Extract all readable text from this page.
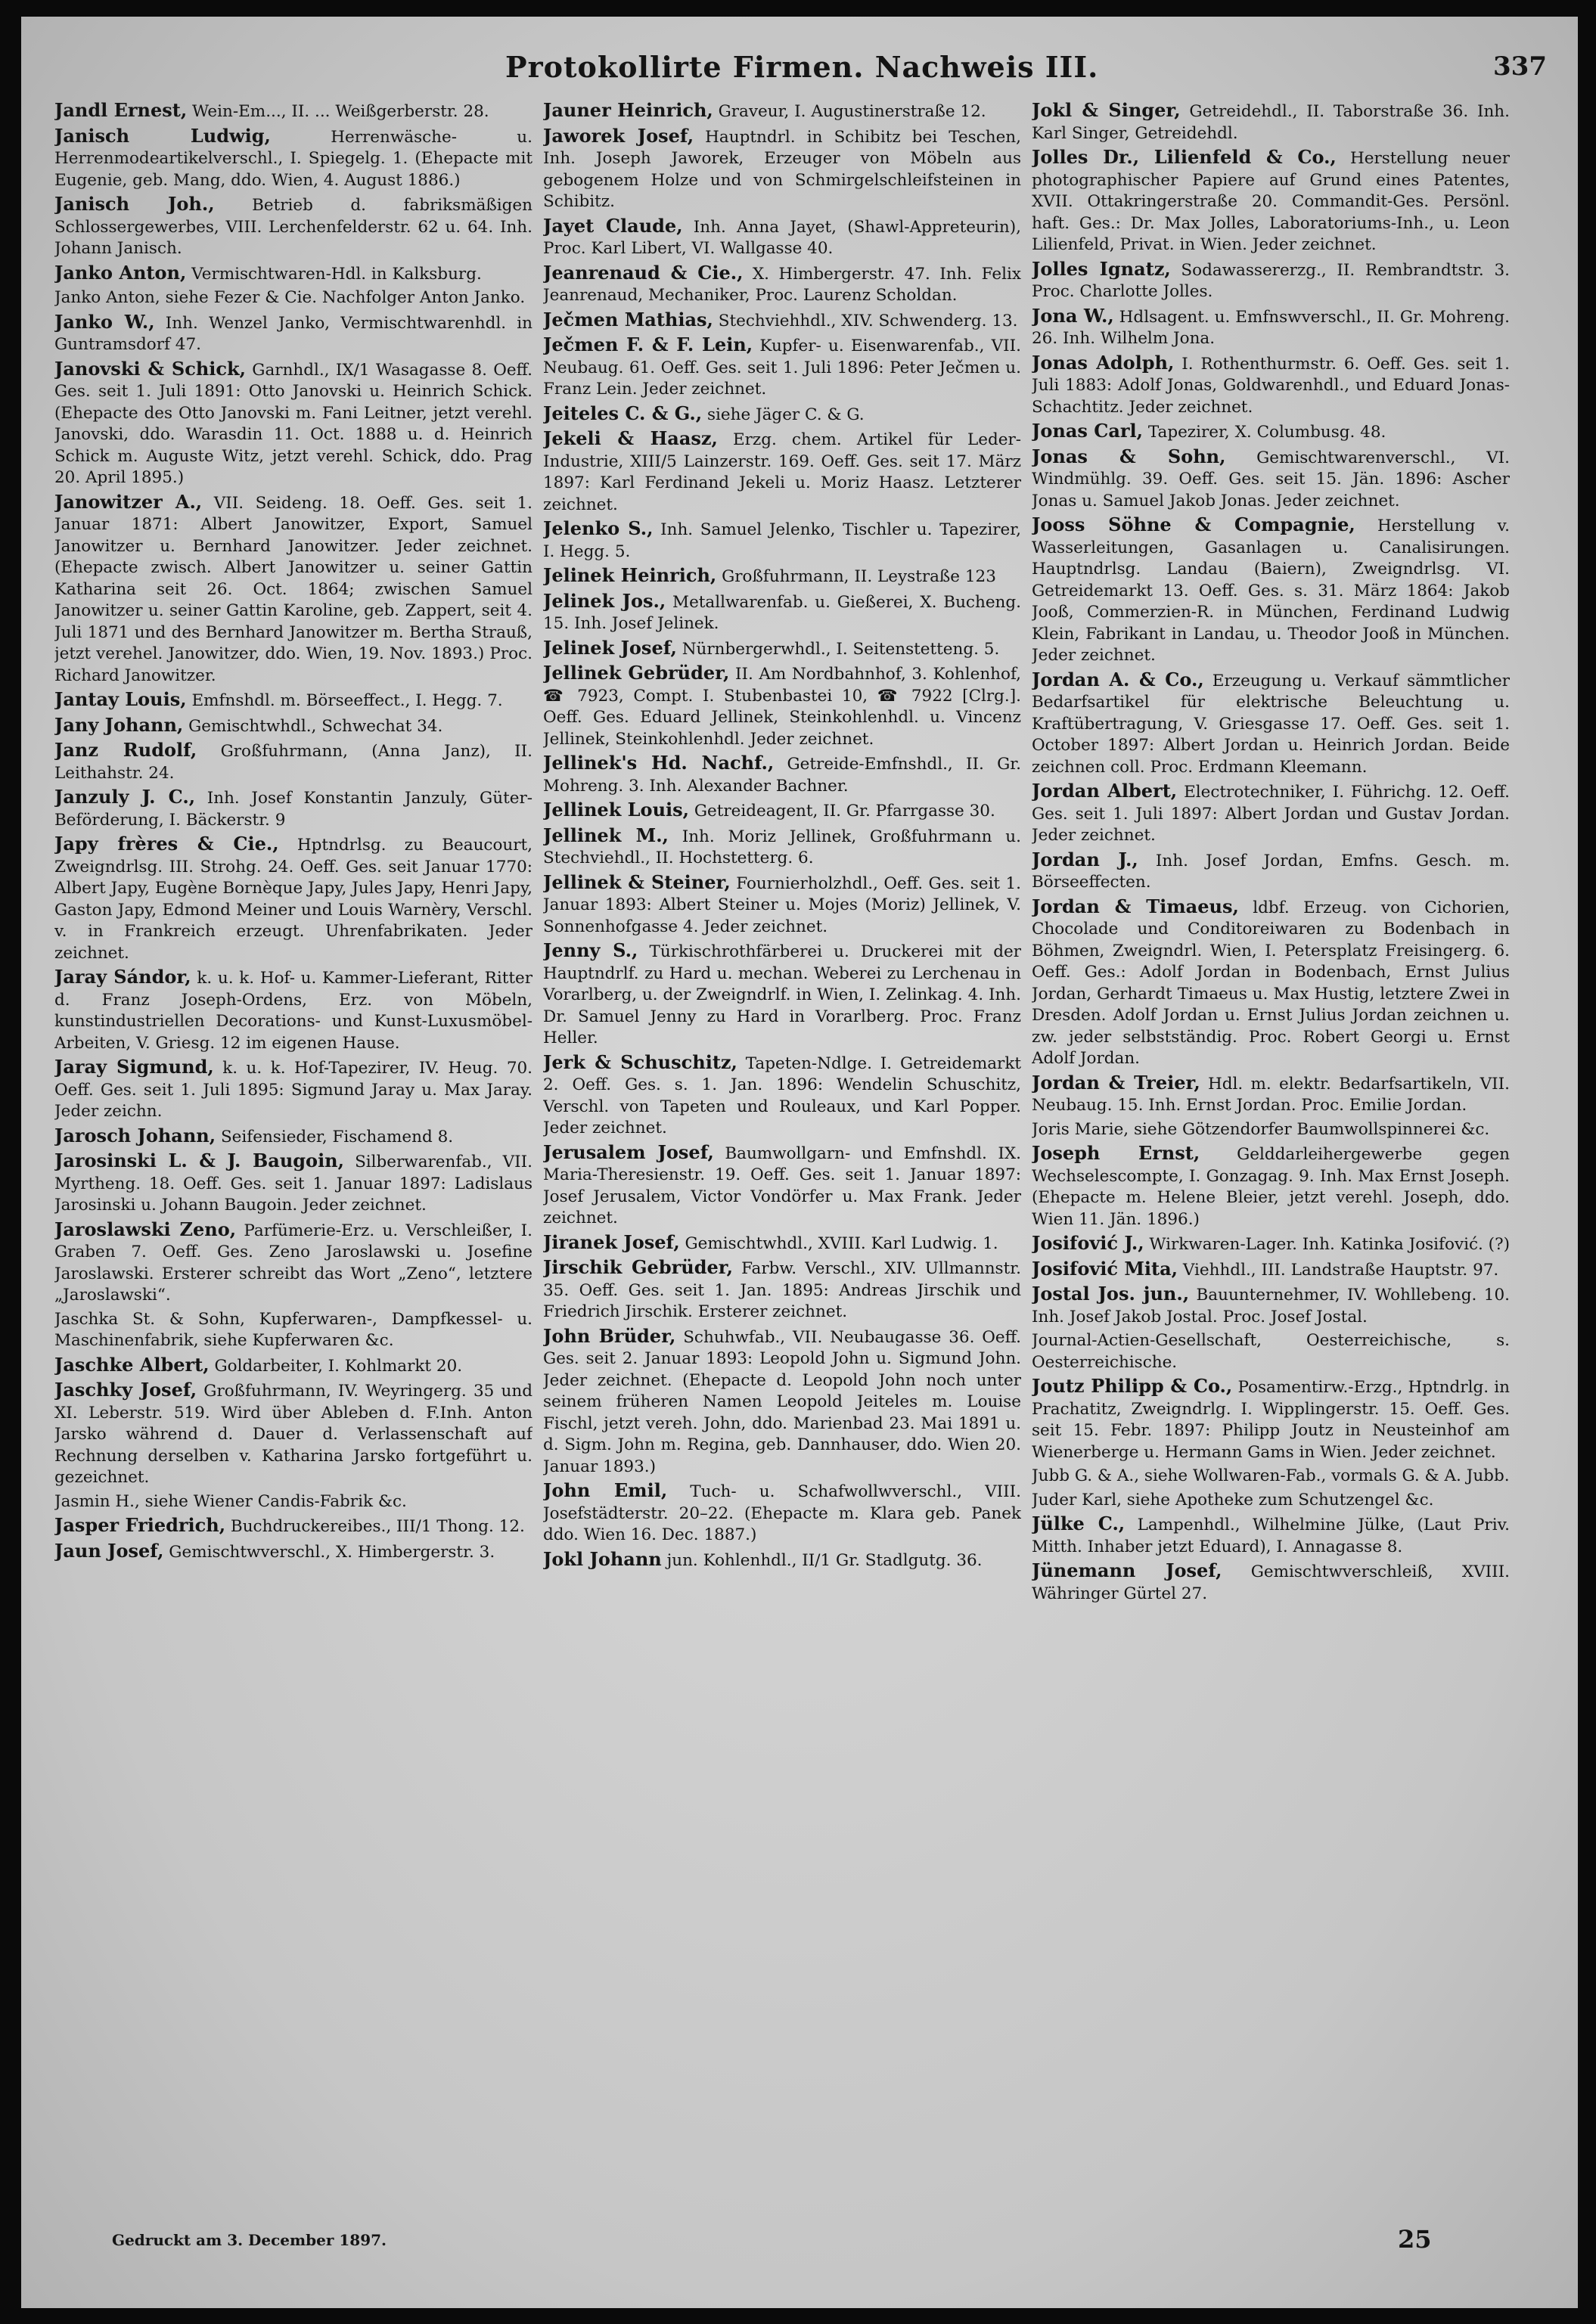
Protokollirte Firmen. Nachweis III.	337

Jandl Ernest, Wein-Em..., II. ... Weißgerberstr. 28.

Janisch Ludwig, Herrenwäsche- u. Herrenmodeartikelverschl., I. Spiegelg. 1. (Ehepacte mit Eugenie, geb. Mang, ddo. Wien, 4. August 1886.)

Janisch Joh., Betrieb d. fabriksmäßigen Schlossergewerbes, VIII. Lerchenfelderstr. 62 u. 64. Inh. Johann Janisch.

Janko Anton, Vermischtwaren-Hdl. in Kalksburg.

Janko Anton, siehe Fezer & Cie. Nachfolger Anton Janko.

Janko W., Inh. Wenzel Janko, Vermischtwarenhdl. in Guntramsdorf 47.

Janovski & Schick, Garnhdl., IX/1 Wasagasse 8. Oeff. Ges. seit 1. Juli 1891: Otto Janovski u. Heinrich Schick. (Ehepacte des Otto Janovski m. Fani Leitner, jetzt verehl. Janovski, ddo. Warasdin 11. Oct. 1888 u. d. Heinrich Schick m. Auguste Witz, jetzt verehl. Schick, ddo. Prag 20. April 1895.)

Janowitzer A., VII. Seideng. 18. Oeff. Ges. seit 1. Januar 1871: Albert Janowitzer, Export, Samuel Janowitzer u. Bernhard Janowitzer. Jeder zeichnet. (Ehepacte zwisch. Albert Janowitzer u. seiner Gattin Katharina seit 26. Oct. 1864; zwischen Samuel Janowitzer u. seiner Gattin Karoline, geb. Zappert, seit 4. Juli 1871 und des Bernhard Janowitzer m. Bertha Strauß, jetzt verehel. Janowitzer, ddo. Wien, 19. Nov. 1893.) Proc. Richard Janowitzer.

Jantay Louis, Emfnshdl. m. Börseeffect., I. Hegg. 7.

Jany Johann, Gemischtwhdl., Schwechat 34.

Janz Rudolf, Großfuhrmann, (Anna Janz), II. Leithahstr. 24.

Janzuly J. C., Inh. Josef Konstantin Janzuly, Güter-Beförderung, I. Bäckerstr. 9

Japy frères & Cie., Hptndrlsg. zu Beaucourt, Zweigndrlsg. III. Strohg. 24. Oeff. Ges. seit Januar 1770: Albert Japy, Eugène Bornèque Japy, Jules Japy, Henri Japy, Gaston Japy, Edmond Meiner und Louis Warnèry, Verschl. v. in Frankreich erzeugt. Uhrenfabrikaten. Jeder zeichnet.

Jaray Sándor, k. u. k. Hof- u. Kammer-Lieferant, Ritter d. Franz Joseph-Ordens, Erz. von Möbeln, kunstindustriellen Decorations- und Kunst-Luxusmöbel-Arbeiten, V. Griesg. 12 im eigenen Hause.

Jaray Sigmund, k. u. k. Hof-Tapezirer, IV. Heug. 70. Oeff. Ges. seit 1. Juli 1895: Sigmund Jaray u. Max Jaray. Jeder zeichn.

Jarosch Johann, Seifensieder, Fischamend 8.

Jarosinski L. & J. Baugoin, Silberwarenfab., VII. Myrtheng. 18. Oeff. Ges. seit 1. Januar 1897: Ladislaus Jarosinski u. Johann Baugoin. Jeder zeichnet.

Jaroslawski Zeno, Parfümerie-Erz. u. Verschleißer, I. Graben 7. Oeff. Ges. Zeno Jaroslawski u. Josefine Jaroslawski. Ersterer schreibt das Wort „Zeno“, letztere „Jaroslawski“.

Jaschka St. & Sohn, Kupferwaren-, Dampfkessel- u. Maschinenfabrik, siehe Kupferwaren &c.

Jaschke Albert, Goldarbeiter, I. Kohlmarkt 20.

Jaschky Josef, Großfuhrmann, IV. Weyringerg. 35 und XI. Leberstr. 519. Wird über Ableben d. F.Inh. Anton Jarsko während d. Dauer d. Verlassenschaft auf Rechnung derselben v. Katharina Jarsko fortgeführt u. gezeichnet.

Jasmin H., siehe Wiener Candis-Fabrik &c.

Jasper Friedrich, Buchdruckereibes., III/1 Thong. 12.

Jaun Josef, Gemischtwverschl., X. Himbergerstr. 3.

Jauner Heinrich, Graveur, I. Augustinerstraße 12.

Jaworek Josef, Hauptndrl. in Schibitz bei Teschen, Inh. Joseph Jaworek, Erzeuger von Möbeln aus gebogenem Holze und von Schmirgelschleifsteinen in Schibitz.

Jayet Claude, Inh. Anna Jayet, (Shawl-Appreteurin), Proc. Karl Libert, VI. Wallgasse 40.

Jeanrenaud & Cie., X. Himbergerstr. 47. Inh. Felix Jeanrenaud, Mechaniker, Proc. Laurenz Scholdan.

Ječmen Mathias, Stechviehhdl., XIV. Schwenderg. 13.

Ječmen F. & F. Lein, Kupfer- u. Eisenwarenfab., VII. Neubaug. 61. Oeff. Ges. seit 1. Juli 1896: Peter Ječmen u. Franz Lein. Jeder zeichnet.

Jeiteles C. & G., siehe Jäger C. & G.

Jekeli & Haasz, Erzg. chem. Artikel für Leder-Industrie, XIII/5 Lainzerstr. 169. Oeff. Ges. seit 17. März 1897: Karl Ferdinand Jekeli u. Moriz Haasz. Letzterer zeichnet.

Jelenko S., Inh. Samuel Jelenko, Tischler u. Tapezirer, I. Hegg. 5.

Jelinek Heinrich, Großfuhrmann, II. Leystraße 123

Jelinek Jos., Metallwarenfab. u. Gießerei, X. Bucheng. 15. Inh. Josef Jelinek.

Jelinek Josef, Nürnbergerwhdl., I. Seitenstetteng. 5.

Jellinek Gebrüder, II. Am Nordbahnhof, 3. Kohlenhof, ☎ 7923, Compt. I. Stubenbastei 10, ☎ 7922 [Clrg.]. Oeff. Ges. Eduard Jellinek, Steinkohlenhdl. u. Vincenz Jellinek, Steinkohlenhdl. Jeder zeichnet.

Jellinek's Hd. Nachf., Getreide-Emfnshdl., II. Gr. Mohreng. 3. Inh. Alexander Bachner.

Jellinek Louis, Getreideagent, II. Gr. Pfarrgasse 30.

Jellinek M., Inh. Moriz Jellinek, Großfuhrmann u. Stechviehdl., II. Hochstetterg. 6.

Jellinek & Steiner, Fournierholzhdl., Oeff. Ges. seit 1. Januar 1893: Albert Steiner u. Mojes (Moriz) Jellinek, V. Sonnenhofgasse 4. Jeder zeichnet.

Jenny S., Türkischrothfärberei u. Druckerei mit der Hauptndrlf. zu Hard u. mechan. Weberei zu Lerchenau in Vorarlberg, u. der Zweigndrlf. in Wien, I. Zelinkag. 4. Inh. Dr. Samuel Jenny zu Hard in Vorarlberg. Proc. Franz Heller.

Jerk & Schuschitz, Tapeten-Ndlge. I. Getreidemarkt 2. Oeff. Ges. s. 1. Jan. 1896: Wendelin Schuschitz, Verschl. von Tapeten und Rouleaux, und Karl Popper. Jeder zeichnet.

Jerusalem Josef, Baumwollgarn- und Emfnshdl. IX. Maria-Theresienstr. 19. Oeff. Ges. seit 1. Januar 1897: Josef Jerusalem, Victor Vondörfer u. Max Frank. Jeder zeichnet.

Jiranek Josef, Gemischtwhdl., XVIII. Karl Ludwig. 1.

Jirschik Gebrüder, Farbw. Verschl., XIV. Ullmannstr. 35. Oeff. Ges. seit 1. Jan. 1895: Andreas Jirschik und Friedrich Jirschik. Ersterer zeichnet.

John Brüder, Schuhwfab., VII. Neubaugasse 36. Oeff. Ges. seit 2. Januar 1893: Leopold John u. Sigmund John. Jeder zeichnet. (Ehepacte d. Leopold John noch unter seinem früheren Namen Leopold Jeiteles m. Louise Fischl, jetzt vereh. John, ddo. Marienbad 23. Mai 1891 u. d. Sigm. John m. Regina, geb. Dannhauser, ddo. Wien 20. Januar 1893.)

John Emil, Tuch- u. Schafwollwverschl., VIII. Josefstädterstr. 20–22. (Ehepacte m. Klara geb. Panek ddo. Wien 16. Dec. 1887.)

Jokl Johann jun. Kohlenhdl., II/1 Gr. Stadlgutg. 36.

Jokl & Singer, Getreidehdl., II. Taborstraße 36. Inh. Karl Singer, Getreidehdl.

Jolles Dr., Lilienfeld & Co., Herstellung neuer photographischer Papiere auf Grund eines Patentes, XVII. Ottakringerstraße 20. Commandit-Ges. Persönl. haft. Ges.: Dr. Max Jolles, Laboratoriums-Inh., u. Leon Lilienfeld, Privat. in Wien. Jeder zeichnet.

Jolles Ignatz, Sodawassererzg., II. Rembrandtstr. 3. Proc. Charlotte Jolles.

Jona W., Hdlsagent. u. Emfnswverschl., II. Gr. Mohreng. 26. Inh. Wilhelm Jona.

Jonas Adolph, I. Rothenthurmstr. 6. Oeff. Ges. seit 1. Juli 1883: Adolf Jonas, Goldwarenhdl., und Eduard Jonas-Schachtitz. Jeder zeichnet.

Jonas Carl, Tapezirer, X. Columbusg. 48.

Jonas & Sohn, Gemischtwarenverschl., VI. Windmühlg. 39. Oeff. Ges. seit 15. Jän. 1896: Ascher Jonas u. Samuel Jakob Jonas. Jeder zeichnet.

Jooss Söhne & Compagnie, Herstellung v. Wasserleitungen, Gasanlagen u. Canalisirungen. Hauptndrlsg. Landau (Baiern), Zweigndrlsg. VI. Getreidemarkt 13. Oeff. Ges. s. 31. März 1864: Jakob Jooß, Commerzien-R. in München, Ferdinand Ludwig Klein, Fabrikant in Landau, u. Theodor Jooß in München. Jeder zeichnet.

Jordan A. & Co., Erzeugung u. Verkauf sämmtlicher Bedarfsartikel für elektrische Beleuchtung u. Kraftübertragung, V. Griesgasse 17. Oeff. Ges. seit 1. October 1897: Albert Jordan u. Heinrich Jordan. Beide zeichnen coll. Proc. Erdmann Kleemann.

Jordan Albert, Electrotechniker, I. Führichg. 12. Oeff. Ges. seit 1. Juli 1897: Albert Jordan und Gustav Jordan. Jeder zeichnet.

Jordan J., Inh. Josef Jordan, Emfns. Gesch. m. Börseeffecten.

Jordan & Timaeus, ldbf. Erzeug. von Cichorien, Chocolade und Conditoreiwaren zu Bodenbach in Böhmen, Zweigndrl. Wien, I. Petersplatz Freisingerg. 6. Oeff. Ges.: Adolf Jordan in Bodenbach, Ernst Julius Jordan, Gerhardt Timaeus u. Max Hustig, letztere Zwei in Dresden. Adolf Jordan u. Ernst Julius Jordan zeichnen u. zw. jeder selbstständig. Proc. Robert Georgi u. Ernst Adolf Jordan.

Jordan & Treier, Hdl. m. elektr. Bedarfsartikeln, VII. Neubaug. 15. Inh. Ernst Jordan. Proc. Emilie Jordan.

Joris Marie, siehe Götzendorfer Baumwollspinnerei &c.

Joseph Ernst, Gelddarleihergewerbe gegen Wechselescompte, I. Gonzagag. 9. Inh. Max Ernst Joseph. (Ehepacte m. Helene Bleier, jetzt verehl. Joseph, ddo. Wien 11. Jän. 1896.)

Josifović J., Wirkwaren-Lager. Inh. Katinka Josifović. (?)

Josifović Mita, Viehhdl., III. Landstraße Hauptstr. 97.

Jostal Jos. jun., Bauunternehmer, IV. Wohllebeng. 10. Inh. Josef Jakob Jostal. Proc. Josef Jostal.

Journal-Actien-Gesellschaft, Oesterreichische, s. Oesterreichische.

Joutz Philipp & Co., Posamentirw.-Erzg., Hptndrlg. in Prachatitz, Zweigndrlg. I. Wipplingerstr. 15. Oeff. Ges. seit 15. Febr. 1897: Philipp Joutz in Neusteinhof am Wienerberge u. Hermann Gams in Wien. Jeder zeichnet.

Jubb G. & A., siehe Wollwaren-Fab., vormals G. & A. Jubb.

Juder Karl, siehe Apotheke zum Schutzengel &c.

Jülke C., Lampenhdl., Wilhelmine Jülke, (Laut Priv. Mitth. Inhaber jetzt Eduard), I. Annagasse 8.

Jünemann Josef, Gemischtwverschleiß, XVIII. Währinger Gürtel 27.

Gedruckt am 3. December 1897.	25
